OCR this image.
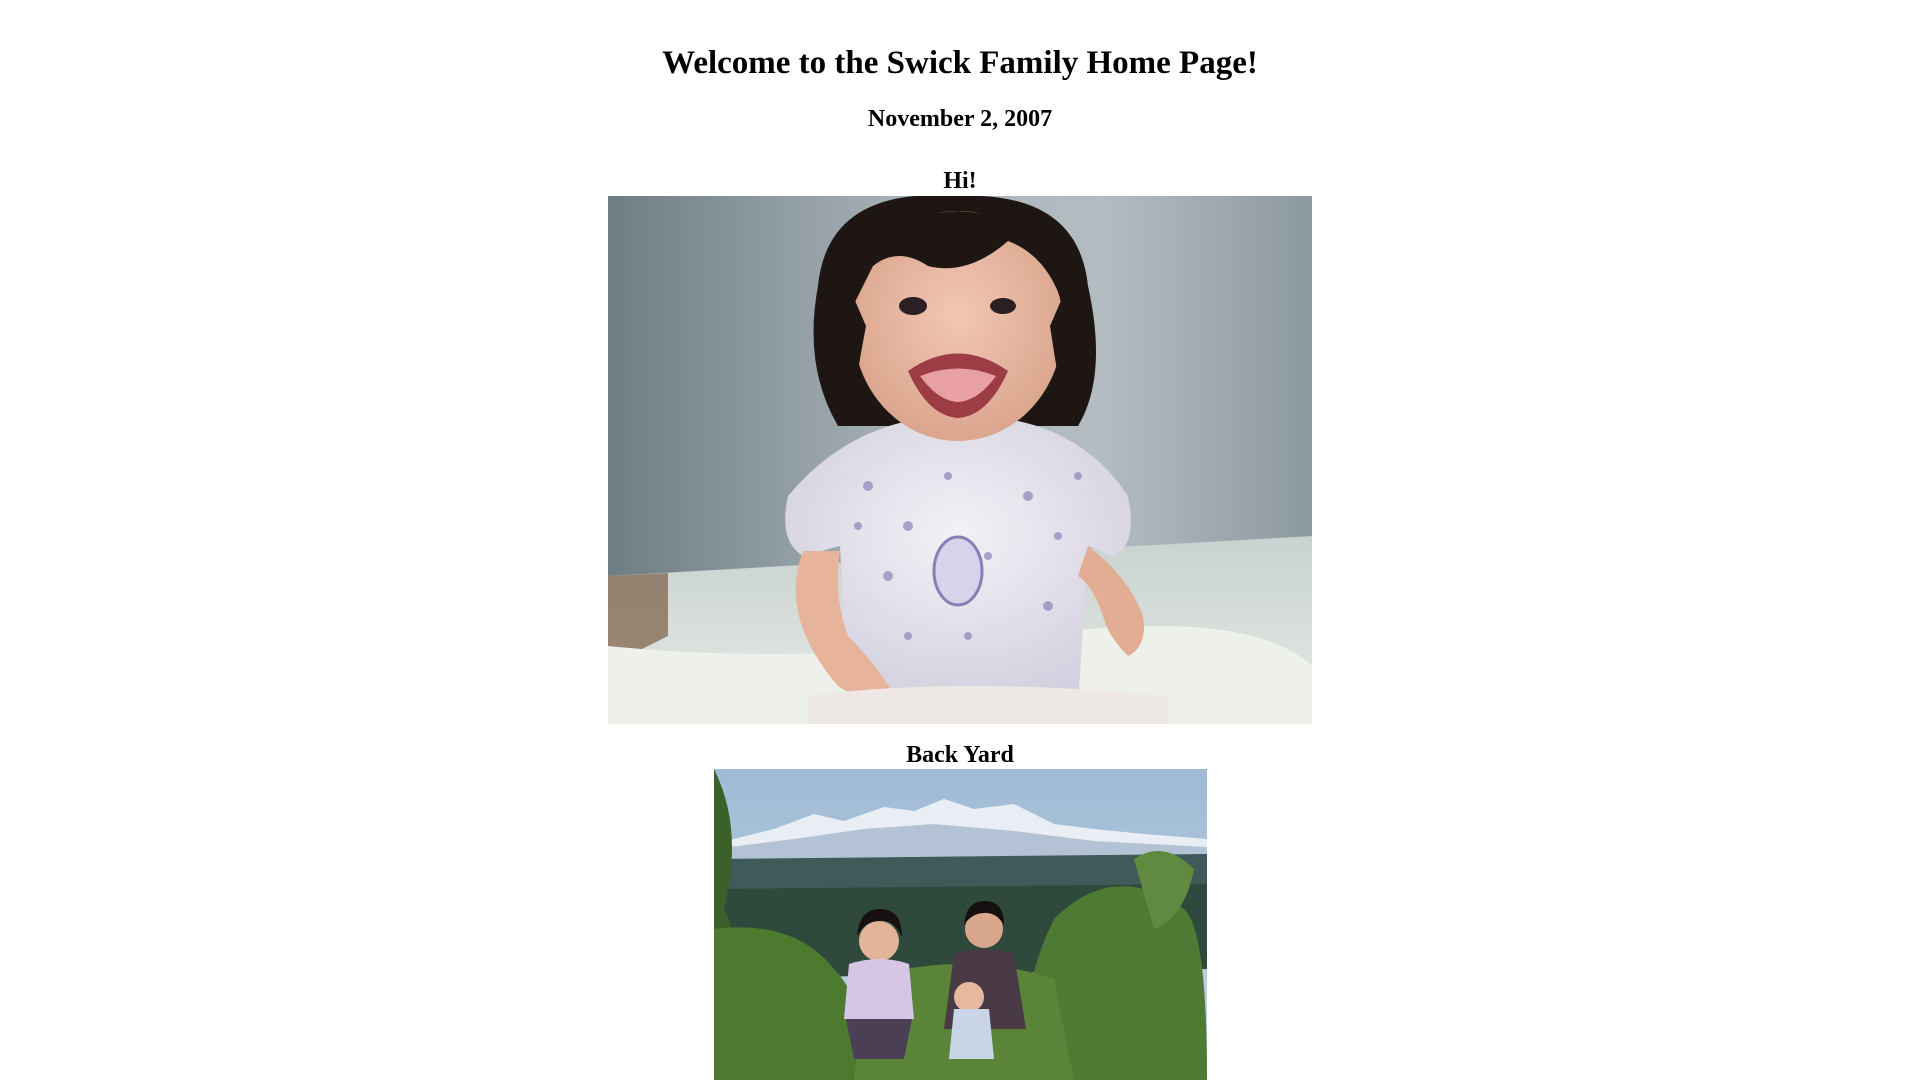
Welcome to the Swick Family Home Page!
November 2, 2007
Hi!
Back Yard
